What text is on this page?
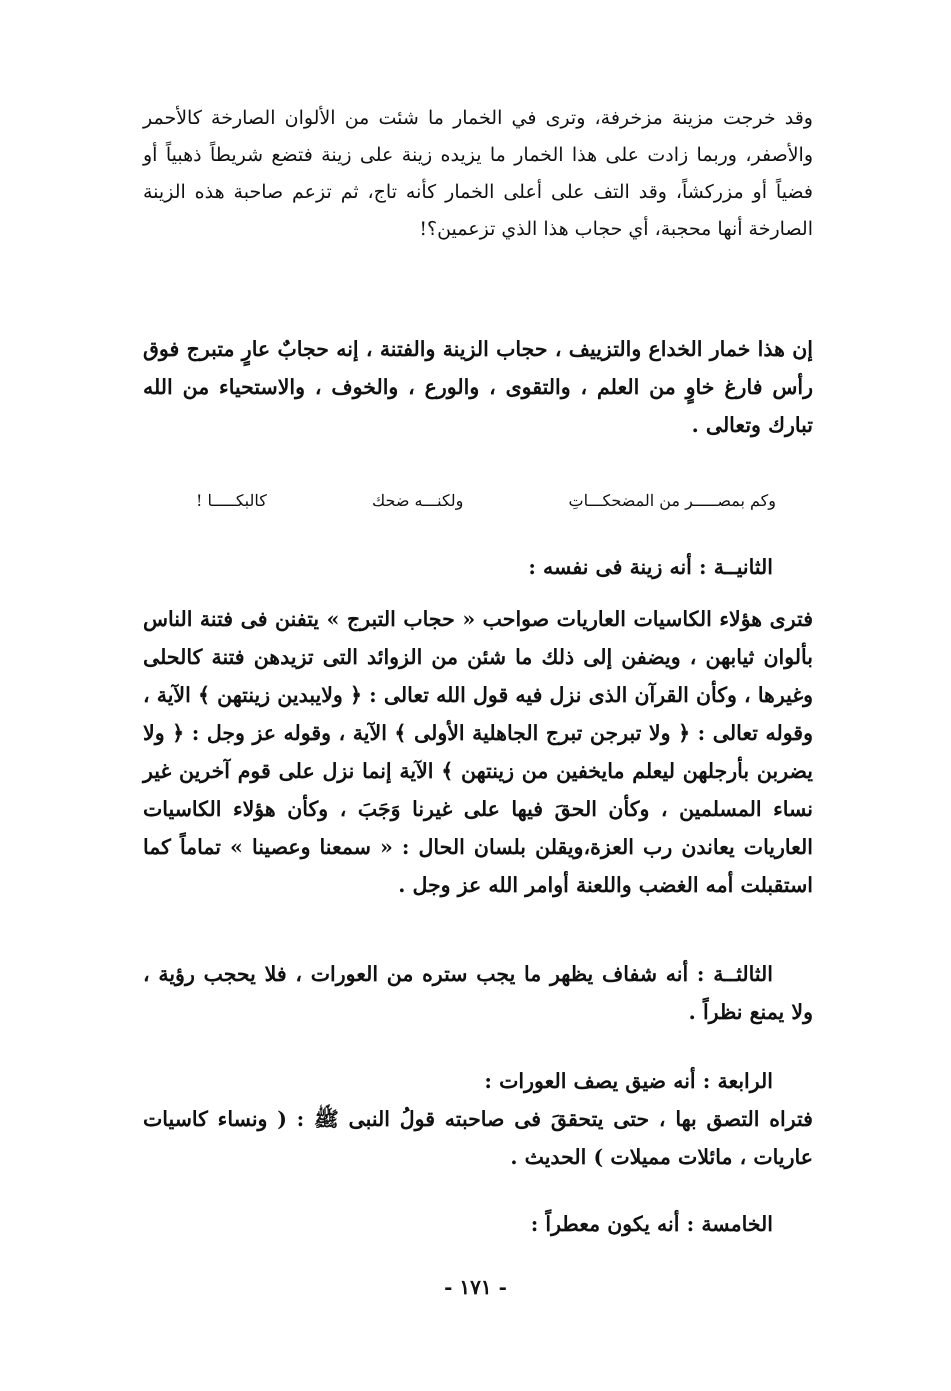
وقد خرجت مزينة مزخرفة، وترى في الخمار ما شئت من الألوان الصارخة كالأحمر والأصفر، وربما زادت على هذا الخمار ما يزيده زينة على زينة فتضع شريطاً ذهبياً أو فضياً أو مزركشاً، وقد التف على أعلى الخمار كأنه تاج، ثم تزعم صاحبة هذه الزينة الصارخة أنها محجبة، أي حجاب هذا الذي تزعمين؟!

إن هذا خمار الخداع والتزييف ، حجاب الزينة والفتنة ، إنه حجابٌ عارٍ متبرج فوق رأس فارغ خاوٍ من العلم ، والتقوى ، والورع ، والخوف ، والاستحياء من الله تبارك وتعالى .

وكم بمصـــــر من المضحكـــاتِ
ولكنـــه ضحك
كالبكـــــا !
الثانيــة : أنه زينة فى نفسه :

فترى هؤلاء الكاسيات العاريات صواحب « حجاب التبرج » يتفنن فى فتنة الناس بألوان ثيابهن ، ويضفن إلى ذلك ما شئن من الزوائد التى تزيدهن فتنة كالحلى وغيرها ، وكأن القرآن الذى نزل فيه قول الله تعالى : ﴿ ولايبدين زينتهن ﴾ الآية ، وقوله تعالى : ﴿ ولا تبرجن تبرج الجاهلية الأولى ﴾ الآية ، وقوله عز وجل : ﴿ ولا يضربن بأرجلهن ليعلم مايخفين من زينتهن ﴾ الآية إنما نزل على قوم آخرين غير نساء المسلمين ، وكأن الحقَ فيها على غيرنا وَجَبَ ، وكأن هؤلاء الكاسيات العاريات يعاندن رب العزة،ويقلن بلسان الحال : « سمعنا وعصينا » تماماً كما استقبلت أمه الغضب واللعنة أوامر الله عز وجل .

الثالثــة : أنه شفاف يظهر ما يجب ستره من العورات ، فلا يحجب رؤية ، ولا يمنع نظراً .

الرابعة : أنه ضيق يصف العورات :

فتراه التصق بها ، حتى يتحققَ فى صاحبته قولُ النبى ﷺ : ( ونساء كاسيات عاريات ، مائلات مميلات ) الحديث .

الخامسة : أنه يكون معطراً :
- ١٧١ -
